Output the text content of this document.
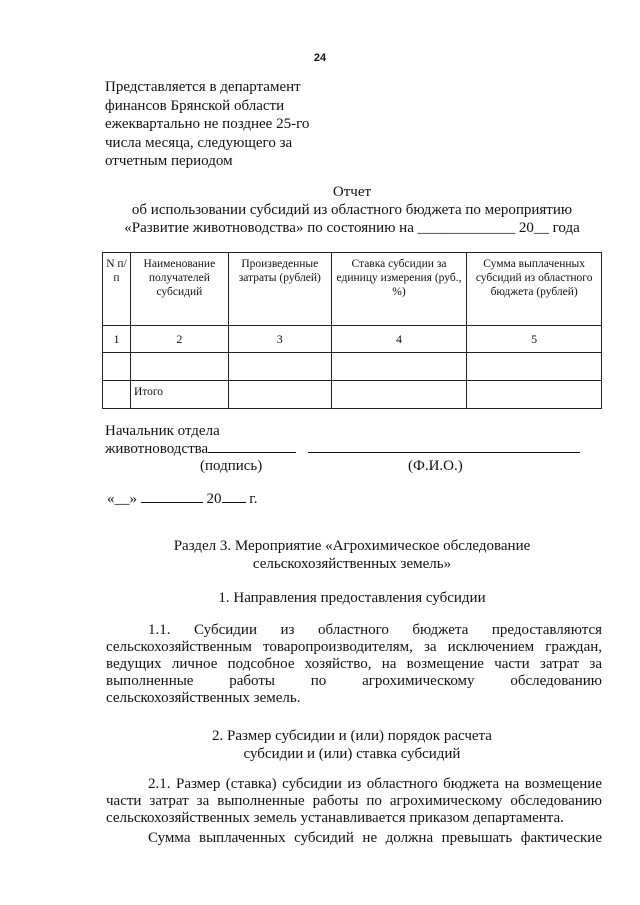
24
Представляется в департамент
финансов Брянской области
ежеквартально не позднее 25-го
числа месяца, следующего за
отчетным периодом
Отчет
об использовании субсидий из областного бюджета по мероприятию
«Развитие животноводства» по состоянию на _____________ 20__ года
N п/п	Наименование получателей субсидий	Произведенные затраты (рублей)	Ставка субсидии за единицу измерения (руб., %)	Сумма выплаченных субсидий из областного бюджета (рублей)
1	2	3	4	5

	Итого			
Начальник отдела
животноводства
(подпись)	(Ф.И.О.)
«__»	20 г.
Раздел 3. Мероприятие «Агрохимическое обследование
сельскохозяйственных земель»
1. Направления предоставления субсидии
1.1.   Субсидии   из   областного   бюджета   предоставляются
сельскохозяйственным товаропроизводителям, за исключением граждан,
ведущих личное подсобное хозяйство, на возмещение части затрат за
выполненные   работы   по   агрохимическому   обследованию
сельскохозяйственных земель.
2. Размер субсидии и (или) порядок расчета
субсидии и (или) ставка субсидий
2.1. Размер (ставка) субсидии из областного бюджета на возмещение
части затрат за выполненные работы по агрохимическому обследованию
сельскохозяйственных земель устанавливается приказом департамента.
Сумма выплаченных субсидий не должна превышать фактические
